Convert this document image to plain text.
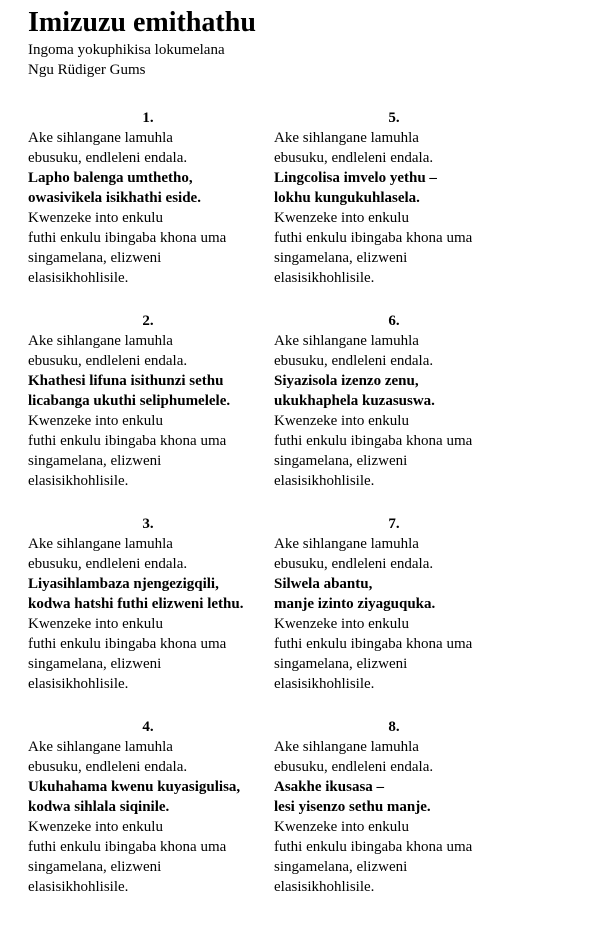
Imizuzu emithathu

Ingoma yokuphikisa lokumelana

Ngu Rüdiger Gums

1.
Ake sihlangane lamuhla
ebusuku, endleleni endala.
Lapho balenga umthetho,
owasivikela isikhathi eside.
Kwenzeke into enkulu
futhi enkulu ibingaba khona uma
singamelana, elizweni
elasisikhohlisile.
5.
Ake sihlangane lamuhla
ebusuku, endleleni endala.
Lingcolisa imvelo yethu –
lokhu kungukuhlasela.
Kwenzeke into enkulu
futhi enkulu ibingaba khona uma
singamelana, elizweni
elasisikhohlisile.
2.
Ake sihlangane lamuhla
ebusuku, endleleni endala.
Khathesi lifuna isithunzi sethu
licabanga ukuthi seliphumelele.
Kwenzeke into enkulu
futhi enkulu ibingaba khona uma
singamelana, elizweni
elasisikhohlisile.
6.
Ake sihlangane lamuhla
ebusuku, endleleni endala.
Siyazisola izenzo zenu,
ukukhaphela kuzasuswa.
Kwenzeke into enkulu
futhi enkulu ibingaba khona uma
singamelana, elizweni
elasisikhohlisile.
3.
Ake sihlangane lamuhla
ebusuku, endleleni endala.
Liyasihlambaza njengezigqili,
kodwa hatshi futhi elizweni lethu.
Kwenzeke into enkulu
futhi enkulu ibingaba khona uma
singamelana, elizweni
elasisikhohlisile.
7.
Ake sihlangane lamuhla
ebusuku, endleleni endala.
Silwela abantu,
manje izinto ziyaguquka.
Kwenzeke into enkulu
futhi enkulu ibingaba khona uma
singamelana, elizweni
elasisikhohlisile.
4.
Ake sihlangane lamuhla
ebusuku, endleleni endala.
Ukuhahama kwenu kuyasigulisa,
kodwa sihlala siqinile.
Kwenzeke into enkulu
futhi enkulu ibingaba khona uma
singamelana, elizweni
elasisikhohlisile.
8.
Ake sihlangane lamuhla
ebusuku, endleleni endala.
Asakhe ikusasa –
lesi yisenzo sethu manje.
Kwenzeke into enkulu
futhi enkulu ibingaba khona uma
singamelana, elizweni
elasisikhohlisile.
